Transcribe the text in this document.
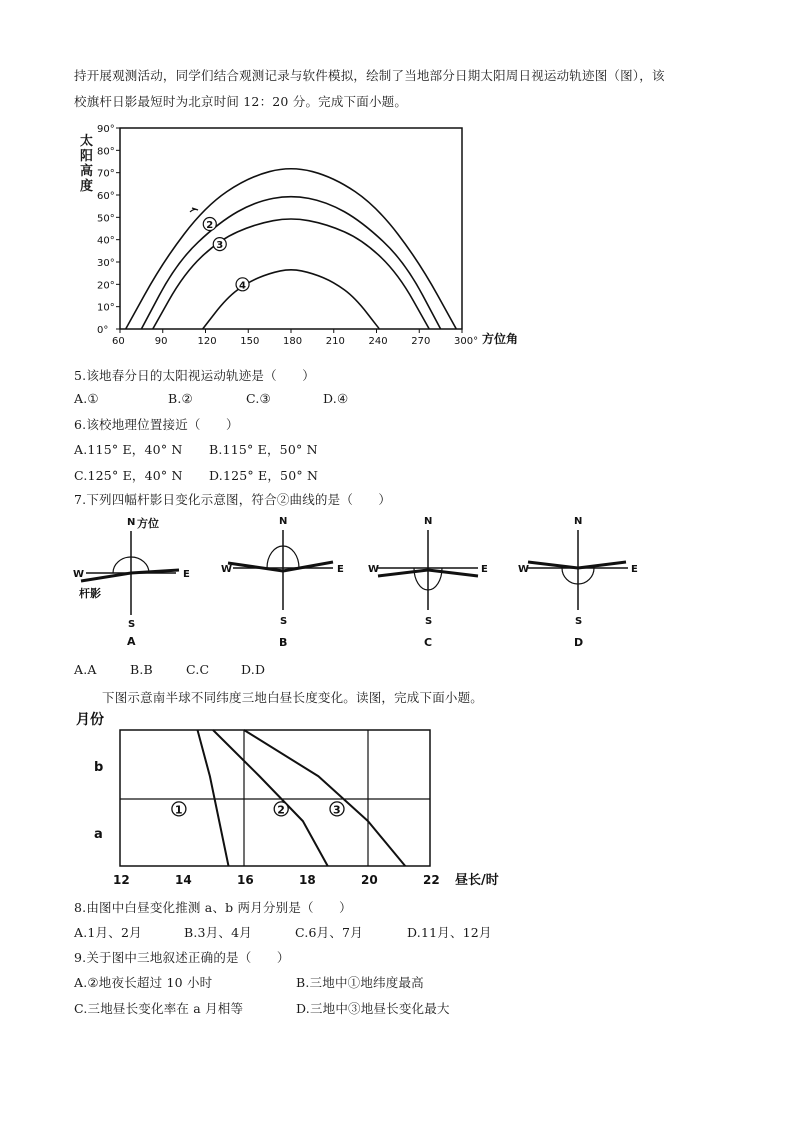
持开展观测活动，同学们结合观测记录与软件模拟，绘制了当地部分日期太阳周日视运动轨迹图（图），该
校旗杆日影最短时为北京时间 12：20 分。完成下面小题。
太
阳
高
度
90°
80°
70°
60°
50°
40°
30°
20°
10°
0°
60	90	120 150 180 210 240 270 300°
2
3
4
方位角
5.该地春分日的太阳视运动轨迹是（　　）
A.①	B.②	C.③	D.④
6.该校地理位置接近（　　）
A.115° E，40° N B.115° E，50° N
C.125° E，40° N D.125° E，50° N
7.下列四幅杆影日变化示意图，符合②曲线的是（　　）
N 方位
W	E
杆影
S
A
N
W	E
S
B
N
W	E
S
C
N
W	E
S
D
A.A	B.B	C.C	D.D
下图示意南半球不同纬度三地白昼长度变化。读图，完成下面小题。
月份
12	14	16	18	20	22
1	2	3
b
a
昼长/时
8.由图中白昼变化推测 a、b 两月分别是（　　）
A.1月、2月	B.3月、4月	C.6月、7月	D.11月、12月
9.关于图中三地叙述正确的是（　　）
A.②地夜长超过 10 小时	B.三地中①地纬度最高
C.三地昼长变化率在 a 月相等	D.三地中③地昼长变化最大
